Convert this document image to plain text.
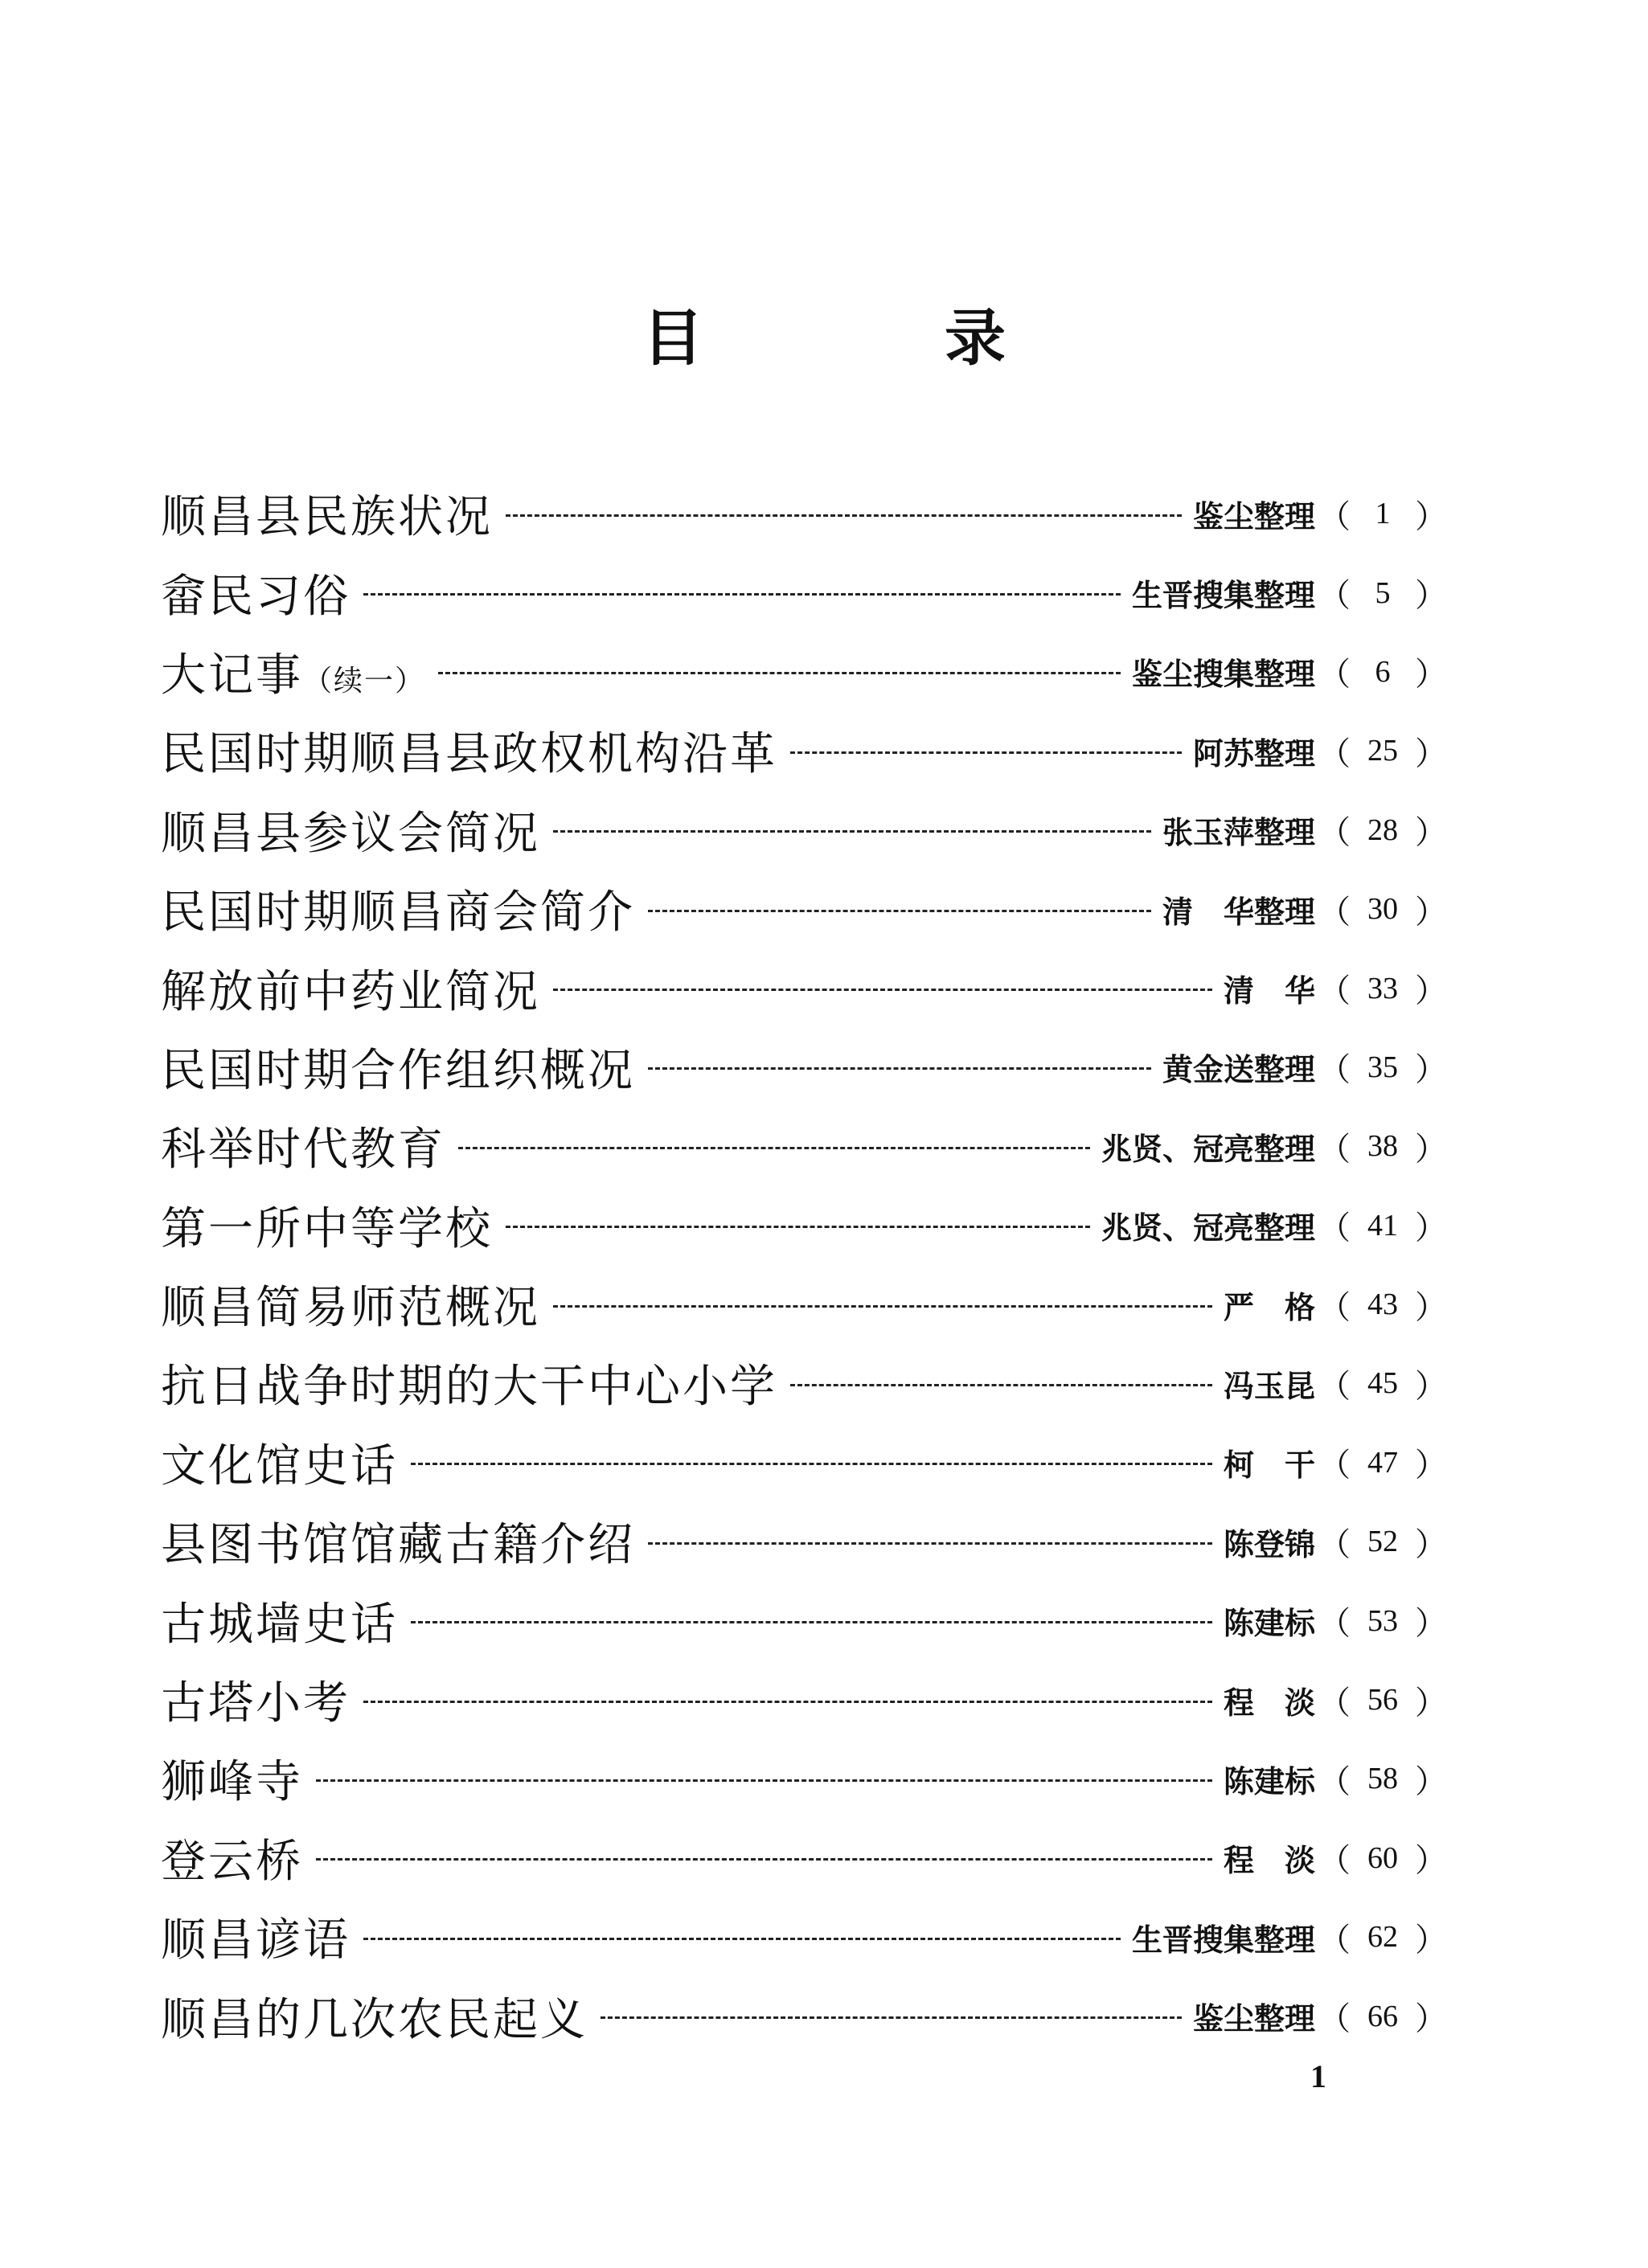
目	录
顺昌县民族状况	鉴尘整理 （ 1 ）
畲民习俗	生晋搜集整理 （ 5 ）
大记事（续一）	鉴尘搜集整理 （ 6 ）
民国时期顺昌县政权机构沿革	阿苏整理 （ 25 ）
顺昌县参议会简况	张玉萍整理 （ 28 ）
民国时期顺昌商会简介	清　华整理 （ 30 ）
解放前中药业简况	清　华 （ 33 ）
民国时期合作组织概况	黄金送整理 （ 35 ）
科举时代教育	兆贤、冠亮整理 （ 38 ）
第一所中等学校	兆贤、冠亮整理 （ 41 ）
顺昌简易师范概况	严　格 （ 43 ）
抗日战争时期的大干中心小学	冯玉昆 （ 45 ）
文化馆史话	柯　干 （ 47 ）
县图书馆馆藏古籍介绍	陈登锦 （ 52 ）
古城墙史话	陈建标 （ 53 ）
古塔小考	程　淡 （ 56 ）
狮峰寺	陈建标 （ 58 ）
登云桥	程　淡 （ 60 ）
顺昌谚语	生晋搜集整理 （ 62 ）
顺昌的几次农民起义	鉴尘整理 （ 66 ）
1
